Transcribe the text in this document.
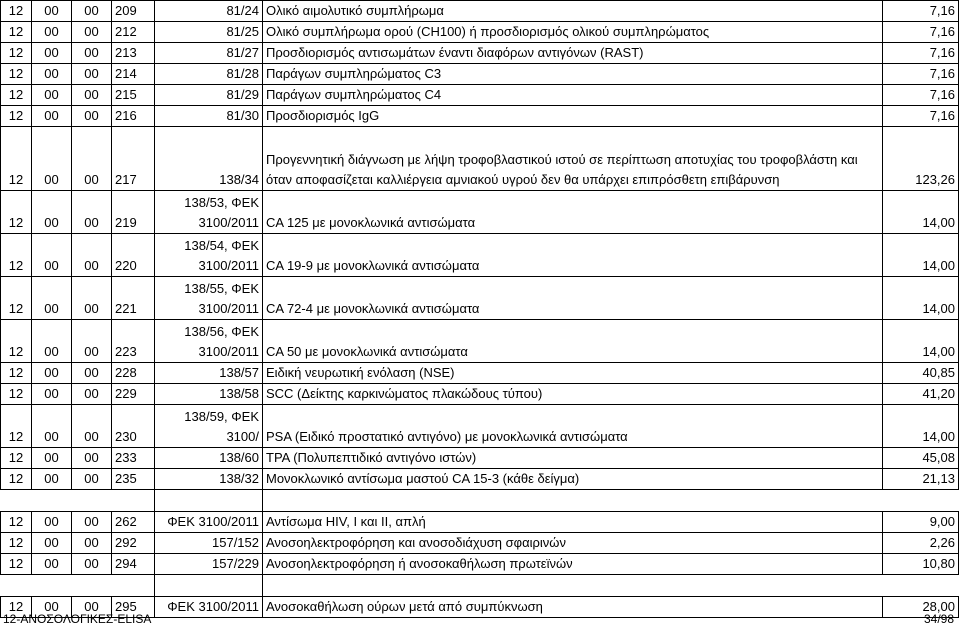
12	00	00	209	81/24	Ολικό αιμολυτικό συμπλήρωμα	7,16
12	00	00	212	81/25	Ολικό συμπλήρωμα ορού (CH100) ή προσδιορισμός ολικού συμπληρώματος	7,16
12	00	00	213	81/27	Προσδιορισμός αντισωμάτων έναντι διαφόρων αντιγόνων (RAST)	7,16
12	00	00	214	81/28	Παράγων συμπληρώματος C3	7,16
12	00	00	215	81/29	Παράγων συμπληρώματος C4	7,16
12	00	00	216	81/30	Προσδιορισμός IgG	7,16
12	00	00	217	138/34	Προγεννητική διάγνωση με λήψη τροφοβλαστικού ιστού σε περίπτωση αποτυχίας του τροφοβλάστη και όταν αποφασίζεται καλλιέργεια αμνιακού υγρού δεν θα υπάρχει επιπρόσθετη επιβάρυνση	123,26
12	00	00	219	138/53, ΦΕΚ 3100/2011	CA 125 με μονοκλωνικά αντισώματα	14,00
12	00	00	220	138/54, ΦΕΚ 3100/2011	CA 19-9 με μονοκλωνικά αντισώματα	14,00
12	00	00	221	138/55, ΦΕΚ 3100/2011	CA 72-4 με μονοκλωνικά αντισώματα	14,00
12	00	00	223	138/56, ΦΕΚ 3100/2011	CA 50 με μονοκλωνικά αντισώματα	14,00
12	00	00	228	138/57	Ειδική νευρωτική ενόλαση (NSE)	40,85
12	00	00	229	138/58	SCC (Δείκτης καρκινώματος πλακώδους τύπου)	41,20
12	00	00	230	138/59, ΦΕΚ 3100/	PSA (Ειδικό προστατικό αντιγόνο) με μονοκλωνικά αντισώματα	14,00
12	00	00	233	138/60	TPA (Πολυπεπτιδικό αντιγόνο ιστών)	45,08
12	00	00	235	138/32	Μονοκλωνικό αντίσωμα μαστού CA 15-3 (κάθε δείγμα)	21,13

12	00	00	262	ΦΕΚ 3100/2011	Αντίσωμα HIV, I και II, απλή	9,00
12	00	00	292	157/152	Ανοσοηλεκτροφόρηση και ανοσοδιάχυση σφαιρινών	2,26
12	00	00	294	157/229	Ανοσοηλεκτροφόρηση ή ανοσοκαθήλωση πρωτεϊνών	10,80

12	00	00	295	ΦΕΚ 3100/2011	Ανοσοκαθήλωση ούρων μετά από συμπύκνωση	28,00
12-ΑΝΟΣΟΛΟΓΙΚΕΣ-ELISA	34/98
